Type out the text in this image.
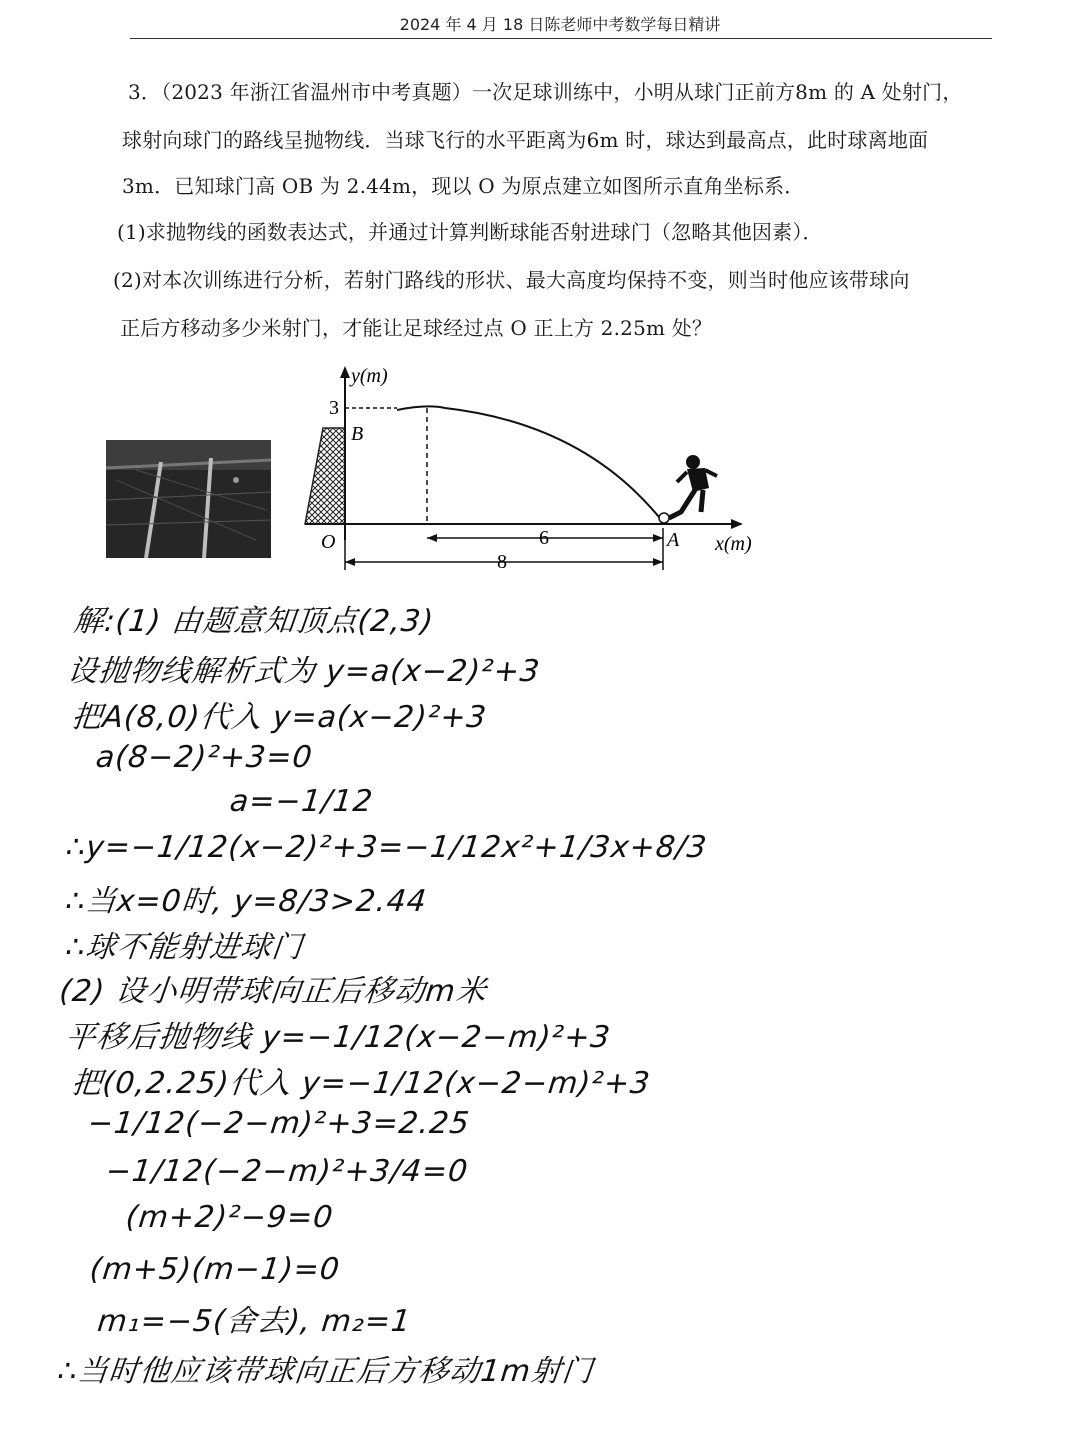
2024 年 4 月 18 日陈老师中考数学每日精讲
3．（2023 年浙江省温州市中考真题）一次足球训练中，小明从球门正前方8m 的 A 处射门，
球射向球门的路线呈抛物线．当球飞行的水平距离为6m 时，球达到最高点，此时球离地面
3m．已知球门高 OB 为 2.44m，现以 O 为原点建立如图所示直角坐标系．
(1)求抛物线的函数表达式，并通过计算判断球能否射进球门（忽略其他因素）．
(2)对本次训练进行分析，若射门路线的形状、最大高度均保持不变，则当时他应该带球向
正后方移动多少米射门，才能让足球经过点 O 正上方 2.25m 处？
y(m)
x(m)
3
B
O	A
6
8
解:(1) 由题意知顶点(2,3)
设抛物线解析式为 y=a(x−2)²+3
把A(8,0)代入 y=a(x−2)²+3
a(8−2)²+3=0
a=−1/12
∴y=−1/12(x−2)²+3=−1/12x²+1/3x+8/3
∴当x=0时, y=8/3>2.44
∴球不能射进球门
(2) 设小明带球向正后移动m米
平移后抛物线 y=−1/12(x−2−m)²+3
把(0,2.25)代入 y=−1/12(x−2−m)²+3
−1/12(−2−m)²+3=2.25
−1/12(−2−m)²+3/4=0
(m+2)²−9=0
(m+5)(m−1)=0
m₁=−5(舍去), m₂=1
∴当时他应该带球向正后方移动1m射门
